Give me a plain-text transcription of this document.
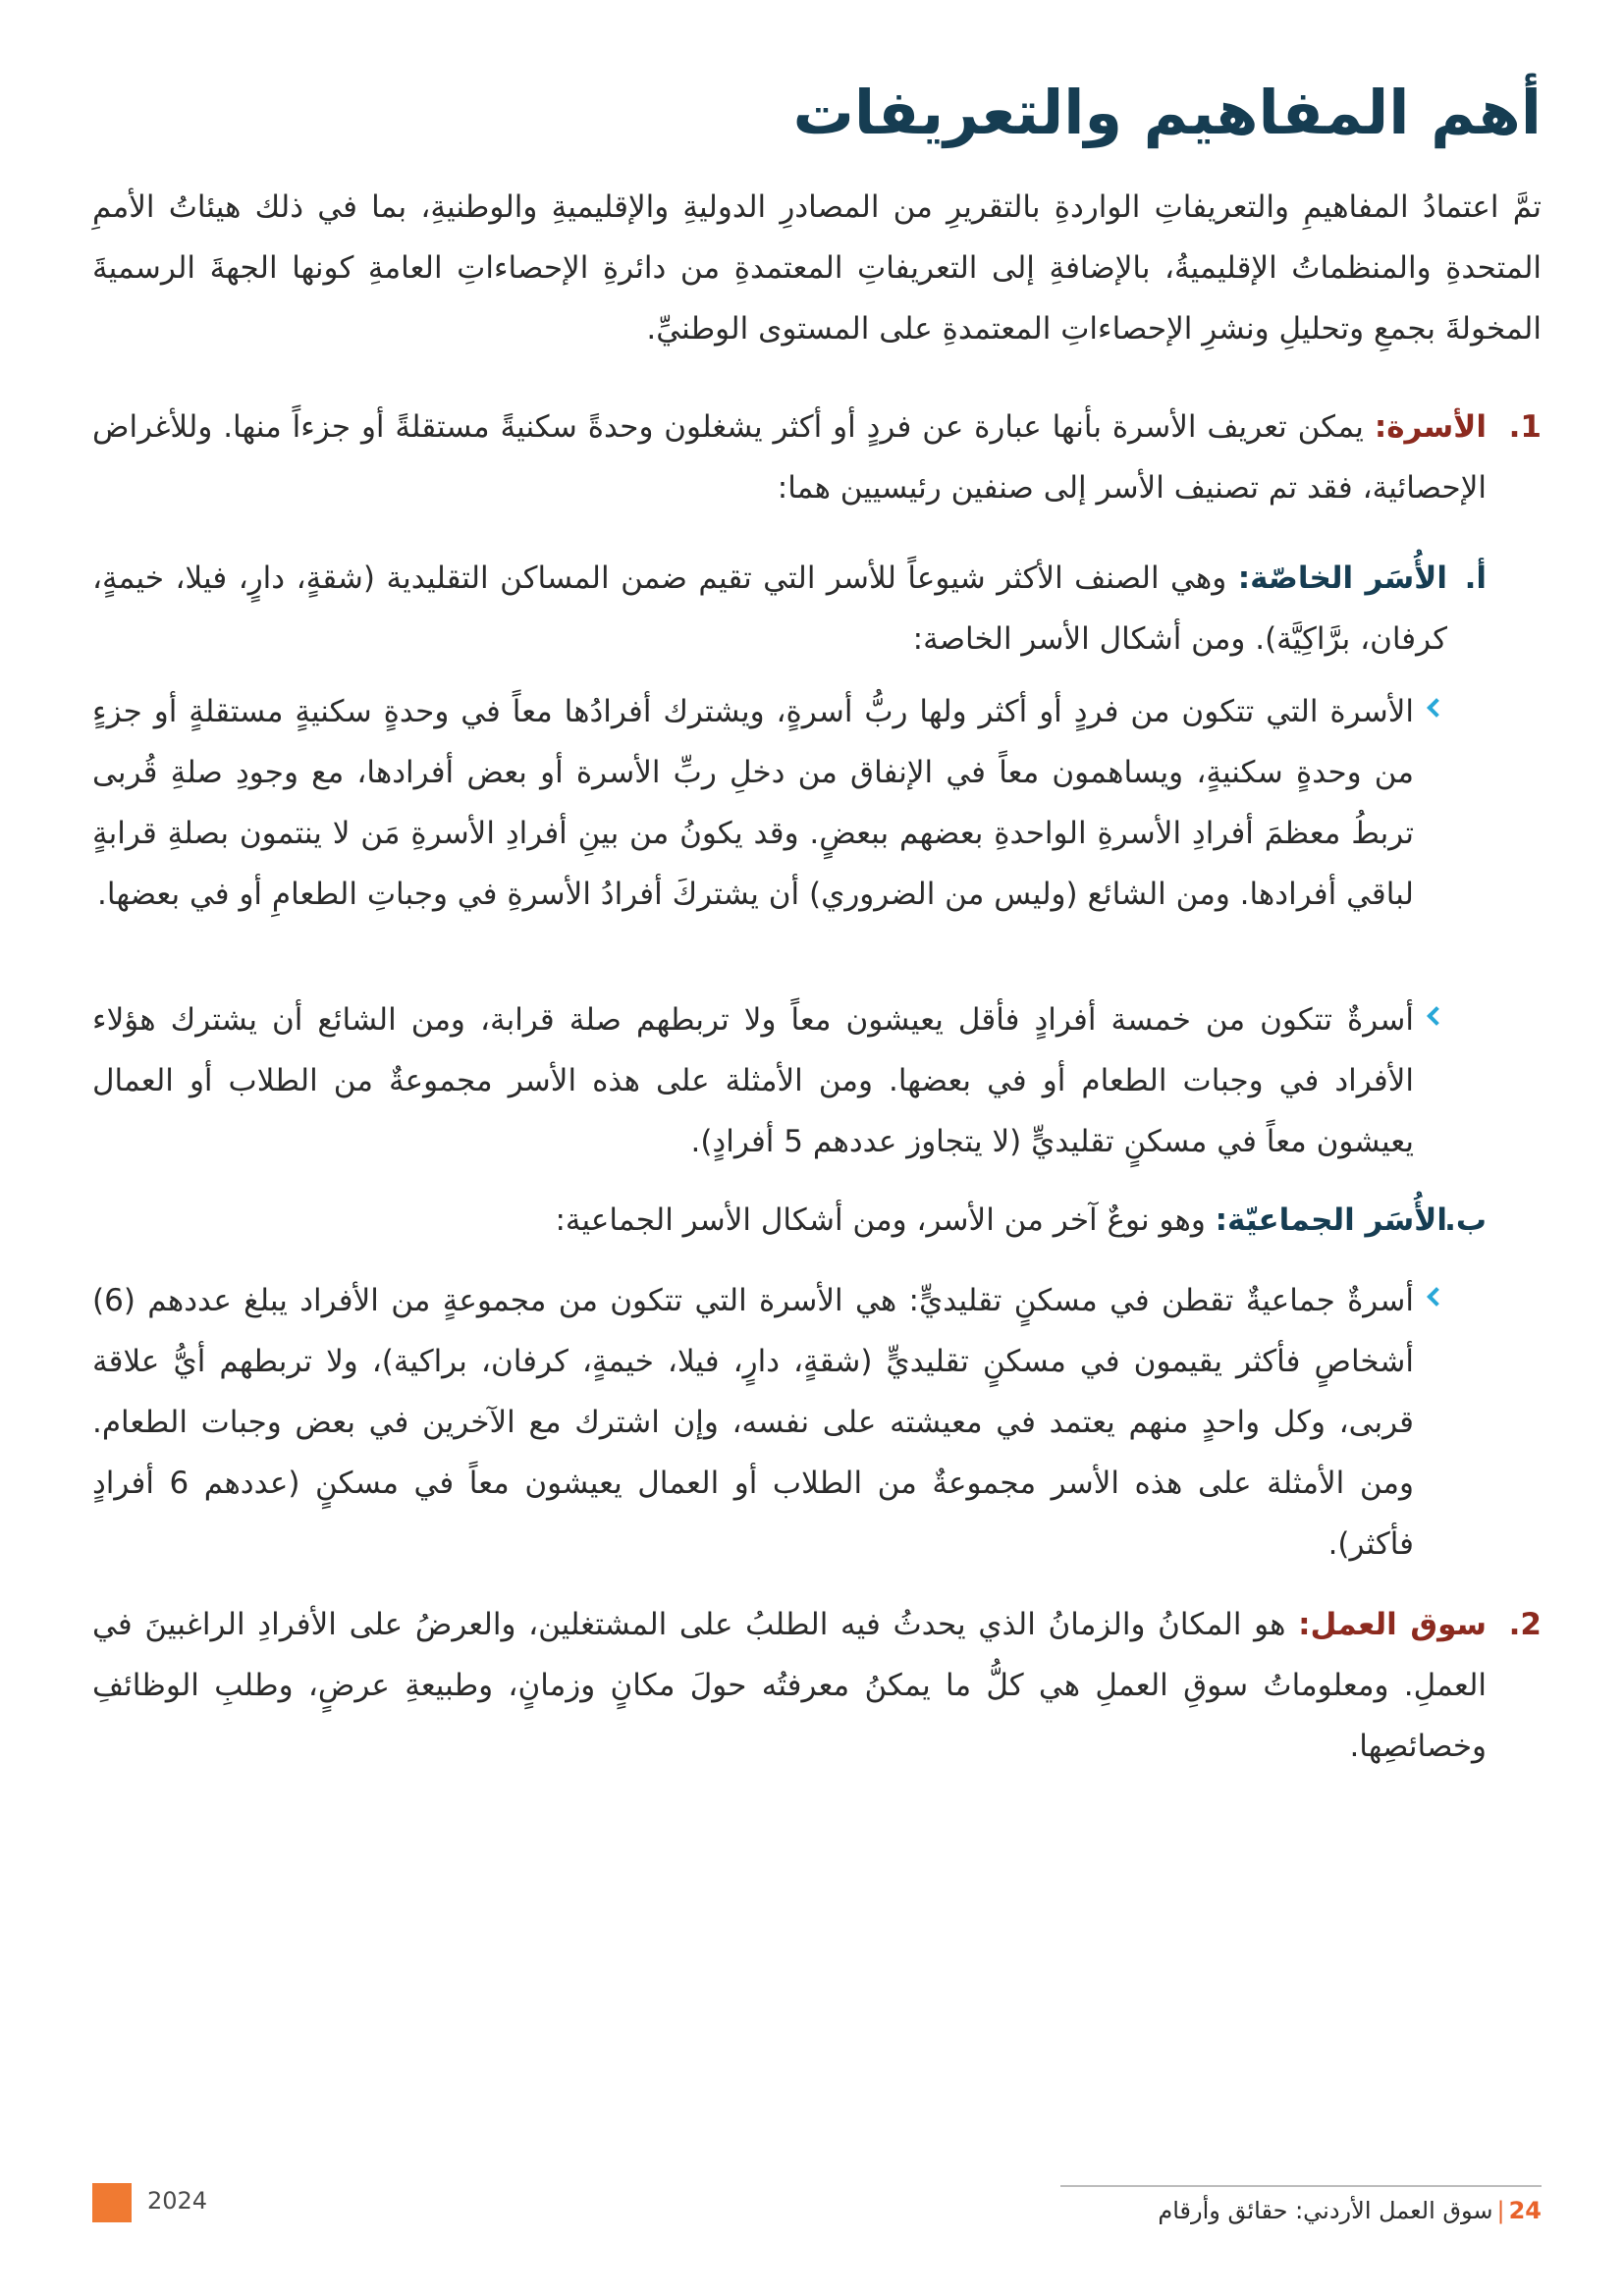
أهم المفاهيم والتعريفات

تمَّ اعتمادُ المفاهيمِ والتعريفاتِ الواردةِ بالتقريرِ من المصادرِ الدوليةِ والإقليميةِ والوطنيةِ، بما في ذلك هيئاتُ الأممِ المتحدةِ والمنظماتُ الإقليميةُ، بالإضافةِ إلى التعريفاتِ المعتمدةِ من دائرةِ الإحصاءاتِ العامةِ كونها الجهةَ الرسميةَ المخولةَ بجمعِ وتحليلِ ونشرِ الإحصاءاتِ المعتمدةِ على المستوى الوطنيِّ.

1.
الأسرة: يمكن تعريف الأسرة بأنها عبارة عن فردٍ أو أكثر يشغلون وحدةً سكنيةً مستقلةً أو جزءاً منها. وللأغراض الإحصائية، فقد تم تصنيف الأسر إلى صنفين رئيسيين هما:
أ.
الأُسَر الخاصّة: وهي الصنف الأكثر شيوعاً للأسر التي تقيم ضمن المساكن التقليدية (شقةٍ، دارٍ، فيلا، خيمةٍ، كرفان، برَّاكِيَّة). ومن أشكال الأسر الخاصة:
الأسرة التي تتكون من فردٍ أو أكثر ولها ربُّ أسرةٍ، ويشترك أفرادُها معاً في وحدةٍ سكنيةٍ مستقلةٍ أو جزءٍ من وحدةٍ سكنيةٍ، ويساهمون معاً في الإنفاق من دخلِ ربِّ الأسرة أو بعض أفرادها، مع وجودِ صلةِ قُربى تربطُ معظمَ أفرادِ الأسرةِ الواحدةِ بعضهم ببعضٍ. وقد يكونُ من بينِ أفرادِ الأسرةِ مَن لا ينتمون بصلةِ قرابةٍ لباقي أفرادها. ومن الشائع (وليس من الضروري) أن يشتركَ أفرادُ الأسرةِ في وجباتِ الطعامِ أو في بعضها.
أسرةٌ تتكون من خمسة أفرادٍ فأقل يعيشون معاً ولا تربطهم صلة قرابة، ومن الشائع أن يشترك هؤلاء الأفراد في وجبات الطعام أو في بعضها. ومن الأمثلة على هذه الأسر مجموعةٌ من الطلاب أو العمال يعيشون معاً في مسكنٍ تقليديٍّ (لا يتجاوز عددهم 5 أفرادٍ).
ب.
الأُسَر الجماعيّة: وهو نوعٌ آخر من الأسر، ومن أشكال الأسر الجماعية:
أسرةٌ جماعيةٌ تقطن في مسكنٍ تقليديٍّ: هي الأسرة التي تتكون من مجموعةٍ من الأفراد يبلغ عددهم (6) أشخاصٍ فأكثر يقيمون في مسكنٍ تقليديٍّ (شقةٍ، دارٍ، فيلا، خيمةٍ، كرفان، براكية)، ولا تربطهم أيُّ علاقة قربى، وكل واحدٍ منهم يعتمد في معيشته على نفسه، وإن اشترك مع الآخرين في بعض وجبات الطعام. ومن الأمثلة على هذه الأسر مجموعةٌ من الطلاب أو العمال يعيشون معاً في مسكنٍ (عددهم 6 أفرادٍ فأكثر).
2.
سوق العمل: هو المكانُ والزمانُ الذي يحدثُ فيه الطلبُ على المشتغلين، والعرضُ على الأفرادِ الراغبينَ في العملِ. ومعلوماتُ سوقِ العملِ هي كلُّ ما يمكنُ معرفتُه حولَ مكانٍ وزمانٍ، وطبيعةِ عرضٍ، وطلبِ الوظائفِ وخصائصِها.
24|سوق العمل الأردني: حقائق وأرقام
2024
